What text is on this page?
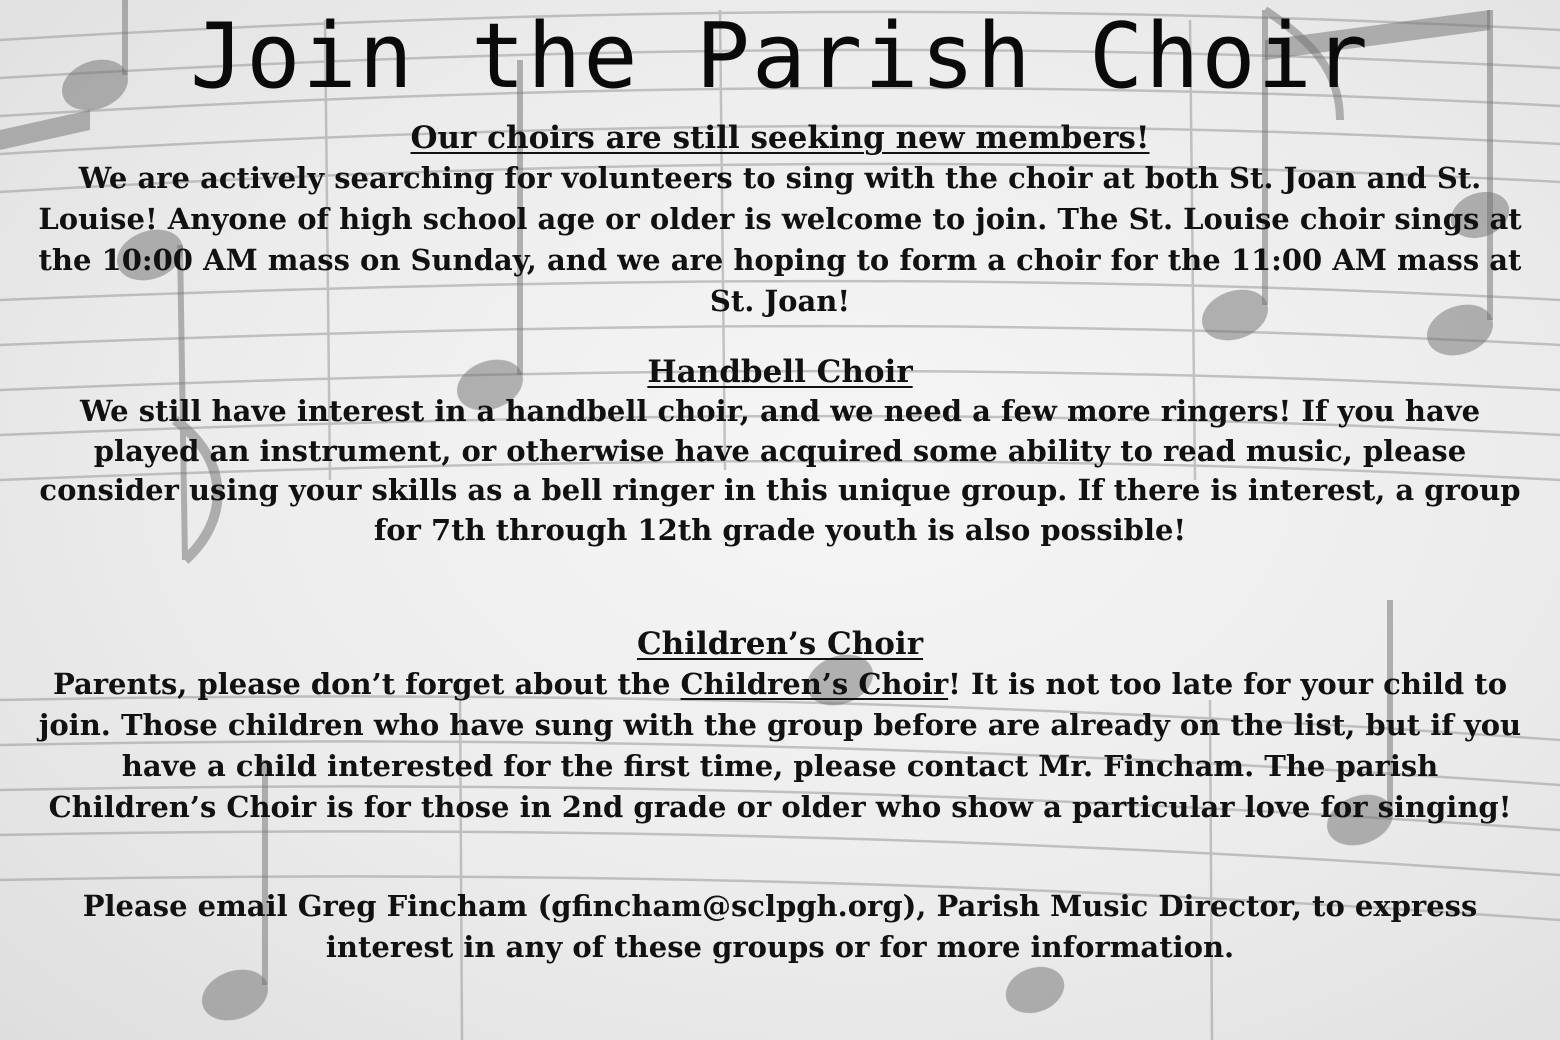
Join the Parish Choir
Our choirs are still seeking new members!

We are actively searching for volunteers to sing with the choir at both St. Joan and St. Louise! Anyone of high school age or older is welcome to join. The St. Louise choir sings at the 10:00 AM mass on Sunday, and we are hoping to form a choir for the 11:00 AM mass at St. Joan!

Handbell Choir

We still have interest in a handbell choir, and we need a few more ringers! If you have played an instrument, or otherwise have acquired some ability to read music, please consider using your skills as a bell ringer in this unique group. If there is interest, a group for 7th through 12th grade youth is also possible!

Children’s Choir

Parents, please don’t forget about the Children’s Choir! It is not too late for your child to join. Those children who have sung with the group before are already on the list, but if you have a child interested for the first time, please contact Mr. Fincham. The parish Children’s Choir is for those in 2nd grade or older who show a particular love for singing!

Please email Greg Fincham (gfincham@sclpgh.org), Parish Music Director, to express interest in any of these groups or for more information.
